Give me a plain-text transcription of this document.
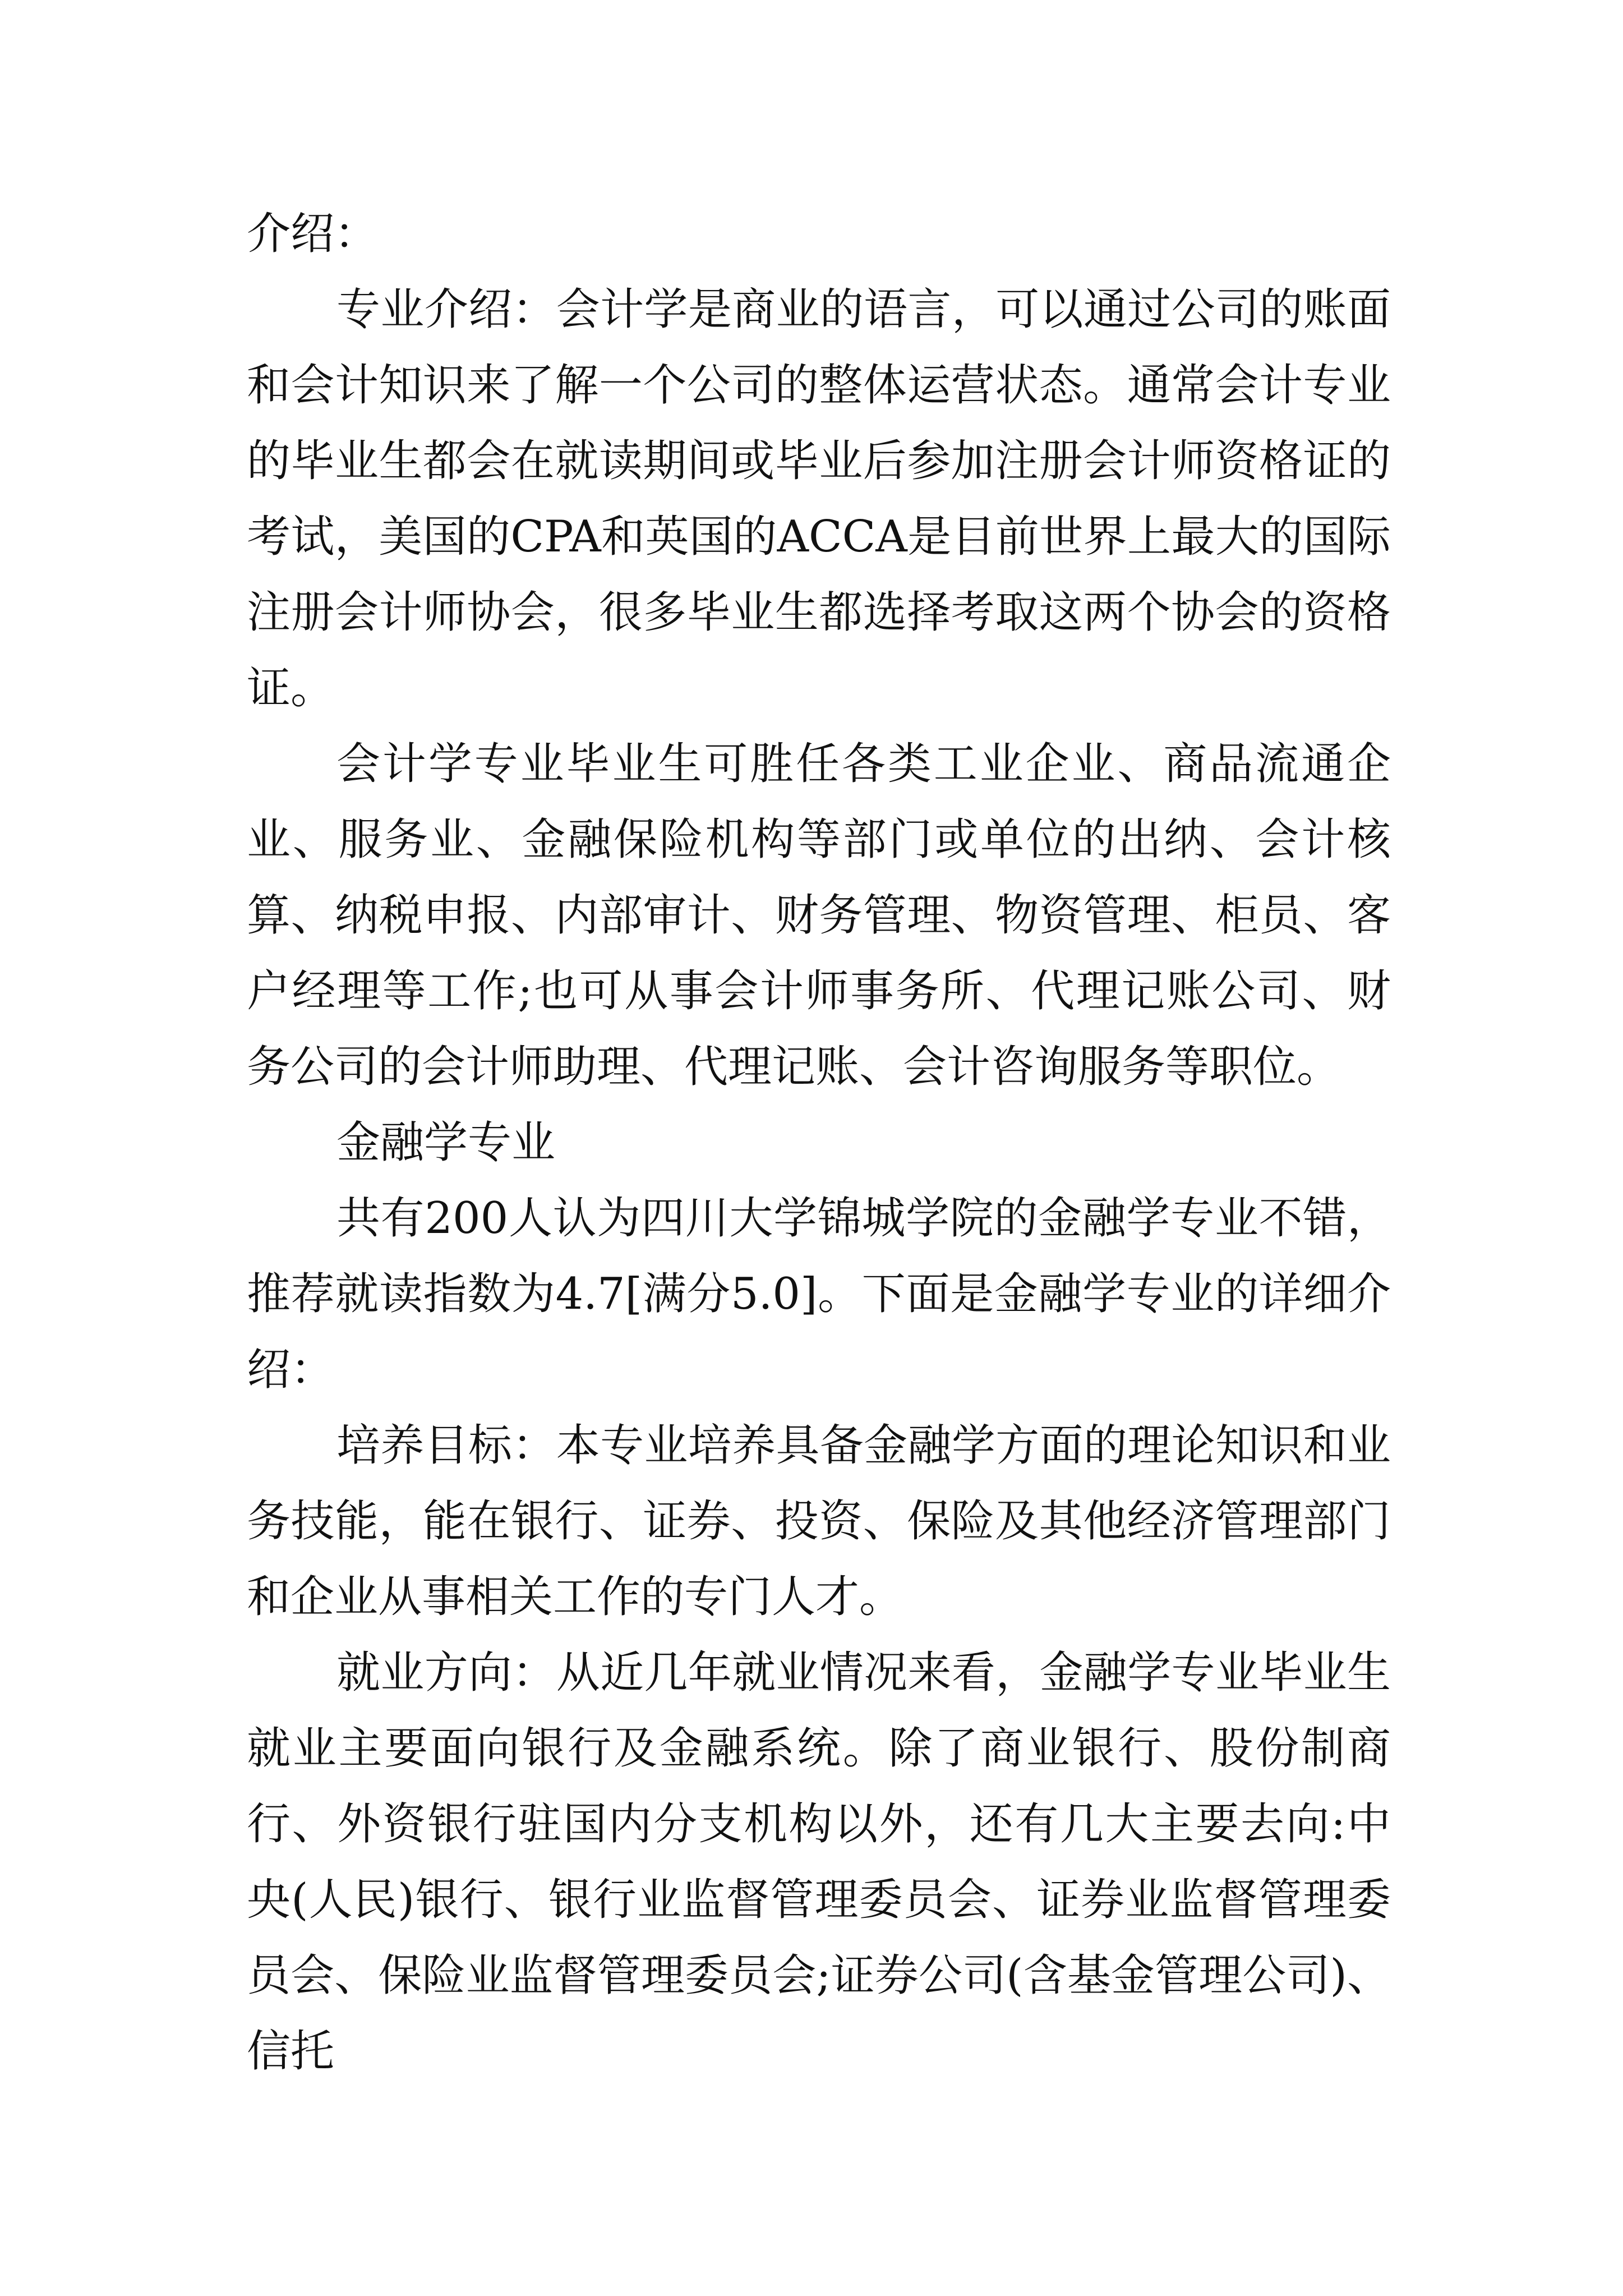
介绍：

专业介绍：会计学是商业的语言，可以通过公司的账面和会计知识来了解一个公司的整体运营状态。通常会计专业的毕业生都会在就读期间或毕业后参加注册会计师资格证的考试，美国的CPA和英国的ACCA是目前世界上最大的国际注册会计师协会，很多毕业生都选择考取这两个协会的资格证。

会计学专业毕业生可胜任各类工业企业、商品流通企业、服务业、金融保险机构等部门或单位的出纳、会计核算、纳税申报、内部审计、财务管理、物资管理、柜员、客户经理等工作;也可从事会计师事务所、代理记账公司、财务公司的会计师助理、代理记账、会计咨询服务等职位。

金融学专业

共有200人认为四川大学锦城学院的金融学专业不错，推荐就读指数为4.7[满分5.0]。下面是金融学专业的详细介绍：

培养目标：本专业培养具备金融学方面的理论知识和业务技能，能在银行、证券、投资、保险及其他经济管理部门和企业从事相关工作的专门人才。

就业方向：从近几年就业情况来看，金融学专业毕业生就业主要面向银行及金融系统。除了商业银行、股份制商行、外资银行驻国内分支机构以外，还有几大主要去向:中央(人民)银行、银行业监督管理委员会、证券业监督管理委员会、保险业监督管理委员会;证券公司(含基金管理公司)、信托
